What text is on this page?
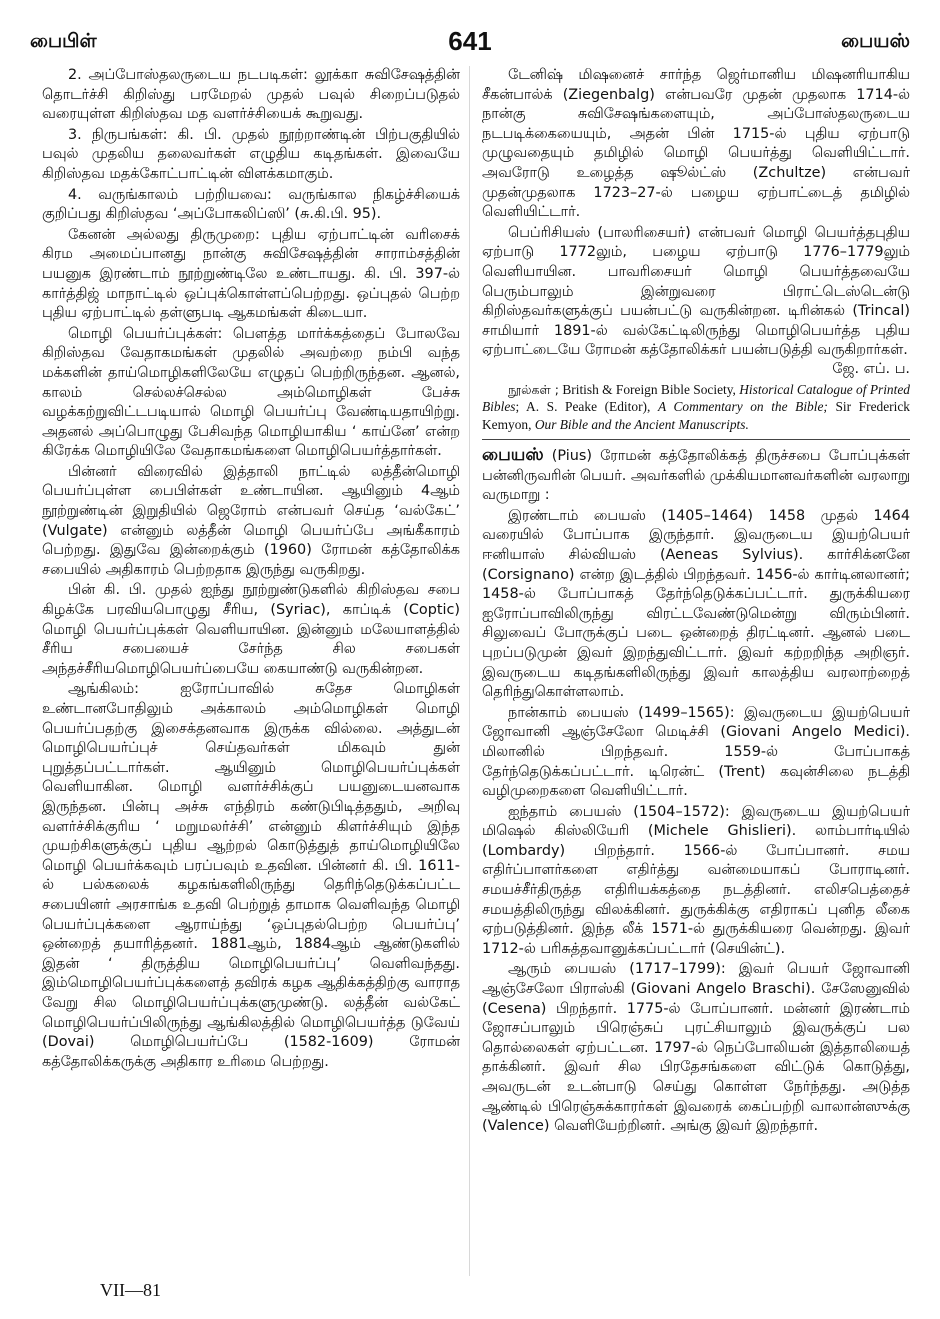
பைபிள்	641	பையஸ்

2. அப்போஸ்தலருடைய நடபடிகள்: லூக்கா சுவிசேஷத்தின் தொடர்ச்சி கிறிஸ்து பரமேறல் முதல் பவுல் சிறைப்படுதல் வரையுள்ள கிறிஸ்தவ மத வளர்ச்சியைக் கூறுவது.

3. நிருபங்கள்: கி. பி. முதல் நூற்றாண்டின் பிற்பகுதியில் பவுல் முதலிய தலைவர்கள் எழுதிய கடிதங்கள். இவையே கிறிஸ்தவ மதக்கோட்பாட்டின் விளக்கமாகும்.

4. வருங்காலம் பற்றியவை: வருங்கால நிகழ்ச்சியைக் குறிப்பது கிறிஸ்தவ ‘அப்போகலிப்ஸி’ (சு.கி.பி. 95).

கேனன் அல்லது திருமுறை: புதிய ஏற்பாட்டின் வரிசைக் கிரம அமைப்பானது நான்கு சுவிசேஷத்தின் சாராம்சத்தின் பயனுக இரண்டாம் நூற்றுண்டிலே உண்டாயது. கி. பி. 397-ல் கார்த்திஜ் மாநாட்டில் ஒப்புக்கொள்ளப்பெற்றது. ஒப்புதல் பெற்ற புதிய ஏற்பாட்டில் தள்ளுபடி ஆகமங்கள் கிடையா.

மொழி பெயர்ப்புக்கள்: பௌத்த மார்க்கத்தைப் போலவே கிறிஸ்தவ வேதாகமங்கள் முதலில் அவற்றை நம்பி வந்த மக்களின் தாய்மொழிகளிலேயே எழுதப் பெற்றிருந்தன. ஆனல், காலம் செல்லச்செல்ல அம்மொழிகள் பேச்சு வழக்கற்றுவிட்டபடியால் மொழி பெயர்ப்பு வேண்டியதாயிற்று. அதனல் அப்பொழுது பேசிவந்த மொழியாகிய ‘ காய்னே’ என்ற கிரேக்க மொழியிலே வேதாகமங்களை மொழிபெயர்த்தார்கள்.

பின்னர் விரைவில் இத்தாலி நாட்டில் லத்தீன்மொழி பெயர்ப்புள்ள பைபிள்கள் உண்டாயின. ஆயினும் 4ஆம் நூற்றுண்டின் இறுதியில் ஜெரோம் என்பவர் செய்த ‘வல்கேட்’ (Vulgate) என்னும் லத்தீன் மொழி பெயர்ப்பே அங்கீகாரம் பெற்றது. இதுவே இன்றைக்கும் (1960) ரோமன் கத்தோலிக்க சபையில் அதிகாரம் பெற்றதாக இருந்து வருகிறது.

பின் கி. பி. முதல் ஐந்து நூற்றுண்டுகளில் கிறிஸ்தவ சபை கிழக்கே பரவியபொழுது சீரிய, (Syriac), காப்டிக் (Coptic) மொழி பெயர்ப்புக்கள் வெளியாயின. இன்னும் மலேயாளத்தில் சீரிய சபையைச் சேர்ந்த சில சபைகள் அந்தச்சீரியமொழிபெயர்ப்பையே கையாண்டு வருகின்றன.

ஆங்கிலம்: ஐரோப்பாவில் சுதேச மொழிகள் உண்டானபோதிலும் அக்காலம் அம்மொழிகள் மொழி பெயர்ப்பதற்கு இசைக்தனவாக இருக்க வில்லை. அத்துடன் மொழிபெயர்ப்புச் செய்தவர்கள் மிகவும் துன் புறுத்தப்பட்டார்கள். ஆயினும் மொழிபெயர்ப்புக்கள் வெளியாகின. மொழி வளர்ச்சிக்குப் பயனுடையனவாக இருந்தன. பின்பு அச்சு எந்திரம் கண்டுபிடித்ததும், அறிவு வளர்ச்சிக்குரிய ‘ மறுமலர்ச்சி’ என்னும் கிளர்ச்சியும் இந்த முயற்சிகளுக்குப் புதிய ஆற்றல் கொடுத்துத் தாய்மொழியிலே மொழி பெயர்க்கவும் பரப்பவும் உதவின. பின்னர் கி. பி. 1611-ல் பல்கலைக் கழகங்களிலிருந்து தெரிந்தெடுக்கப்பட்ட சபையினர் அரசாங்க உதவி பெற்றுத் தாமாக வெளிவந்த மொழி பெயர்ப்புக்களை ஆராய்ந்து ‘ஒப்புதல்பெற்ற பெயர்ப்பு’ ஒன்றைத் தயாரித்தனர். 1881ஆம், 1884ஆம் ஆண்டுகளில் இதன் ‘ திருத்திய மொழிபெயர்ப்பு’ வெளிவந்தது. இம்மொழிபெயர்ப்புக்களைத் தவிரக் கழக ஆதிக்கத்திற்கு வாராத வேறு சில மொழிபெயர்ப்புக்களுமுண்டு. லத்தீன் வல்கேட் மொழிபெயர்ப்பிலிருந்து ஆங்கிலத்தில் மொழிபெயர்த்த டுவேய் (Dovai) மொழிபெயர்ப்பே (1582-1609) ரோமன் கத்தோலிக்கருக்கு அதிகார உரிமை பெற்றது.

டேனிஷ் மிஷனைச் சார்ந்த ஜெர்மானிய மிஷனரியாகிய சீகன்பால்க் (Ziegenbalg) என்பவரே முதன் முதலாக 1714-ல் நான்கு சுவிசேஷங்களையும், அப்போஸ்தலருடைய நடபடிக்கையையும், அதன் பின் 1715-ல் புதிய ஏற்பாடு முழுவதையும் தமிழில் மொழி பெயர்த்து வெளியிட்டார். அவரோடு உழைத்த ஷூல்ட்ஸ் (Zchultze) என்பவர் முதன்முதலாக 1723–27-ல் பழைய ஏற்பாட்டைத் தமிழில் வெளியிட்டார்.

பெப்ரிசியஸ் (பாலரிசையர்) என்பவர் மொழி பெயர்த்தபுதிய ஏற்பாடு 1772லும், பழைய ஏற்பாடு 1776–1779லும் வெளியாயின. பாவரிசையர் மொழி பெயர்த்தவையே பெரும்பாலும் இன்றுவரை பிராட்டெஸ்டென்டு கிறிஸ்தவர்களுக்குப் பயன்பட்டு வருகின்றன. டிரின்கல் (Trincal) சாமியார் 1891-ல் வல்கேட்டிலிருந்து மொழிபெயர்த்த புதிய ஏற்பாட்டையே ரோமன் கத்தோலிக்கர் பயன்படுத்தி வருகிறார்கள்.

ஜே. எப். ப.

நூல்கள் ; British & Foreign Bible Society, Historical Catalogue of Printed Bibles; A. S. Peake (Editor), A Commentary on the Bible; Sir Frederick Kemyon, Our Bible and the Ancient Manuscripts.

பையஸ் (Pius) ரோமன் கத்தோலிக்கத் திருச்சபை போப்புக்கள் பன்னிருவரின் பெயர். அவர்களில் முக்கியமானவர்களின் வரலாறு வருமாறு :

இரண்டாம் பையஸ் (1405–1464) 1458 முதல் 1464 வரையில் போப்பாக இருந்தார். இவருடைய இயற்பெயர் ஈனியாஸ் சில்வியஸ் (Aeneas Sylvius). கார்சிக்னனே (Corsignano) என்ற இடத்தில் பிறந்தவர். 1456-ல் கார்டினலானர்; 1458-ல் போப்பாகத் தேர்ந்தெடுக்கப்பட்டார். துருக்கியரை ஐரோப்பாவிலிருந்து விரட்டவேண்டுமென்று விரும்பினர். சிலுவைப் போருக்குப் படை ஒன்றைத் திரட்டினர். ஆனல் படை புறப்படுமுன் இவர் இறந்துவிட்டார். இவர் கற்றறிந்த அறிஞர். இவருடைய கடிதங்களிலிருந்து இவர் காலத்திய வரலாற்றைத் தெரிந்துகொள்ளலாம்.

நான்காம் பையஸ் (1499–1565): இவருடைய இயற்பெயர் ஜோவானி ஆஞ்சேலோ மெடிச்சி (Giovani Angelo Medici). மிலானில் பிறந்தவர். 1559-ல் போப்பாகத் தேர்ந்தெடுக்கப்பட்டார். டிரென்ட் (Trent) கவுன்சிலை நடத்தி வழிமுறைகளை வெளியிட்டார்.

ஐந்தாம் பையஸ் (1504–1572): இவருடைய இயற்பெயர் மிஷெல் கிஸ்லியேரி (Michele Ghislieri). லாம்பார்டியில் (Lombardy) பிறந்தார். 1566-ல் போப்பானர். சமய எதிர்ப்பாளர்களை எதிர்த்து வன்மையாகப் போராடினர். சமயச்சீர்திருத்த எதிரியக்கத்தை நடத்தினர். எலிசபெத்தைச் சமயத்திலிருந்து விலக்கினர். துருக்கிக்கு எதிராகப் புனித லீகை ஏற்படுத்தினர். இந்த லீக் 1571-ல் துருக்கியரை வென்றது. இவர் 1712-ல் பரிசுத்தவானுக்கப்பட்டார் (செயின்ட்).

ஆரும் பையஸ் (1717–1799): இவர் பெயர் ஜோவானி ஆஞ்சேலோ பிராஸ்கி (Giovani Angelo Braschi). சேஸேனுவில் (Cesena) பிறந்தார். 1775-ல் போப்பானர். மன்னர் இரண்டாம் ஜோசப்பாலும் பிரெஞ்சுப் புரட்சியாலும் இவருக்குப் பல தொல்லைகள் ஏற்பட்டன. 1797-ல் நெப்போலியன் இத்தாலியைத் தாக்கினர். இவர் சில பிரதேசங்களை விட்டுக் கொடுத்து, அவருடன் உடன்பாடு செய்து கொள்ள நேர்ந்தது. அடுத்த ஆண்டில் பிரெஞ்சுக்காரர்கள் இவரைக் கைப்பற்றி வாலான்ஸுக்கு (Valence) வெளியேற்றினர். அங்கு இவர் இறந்தார்.

VII—81
